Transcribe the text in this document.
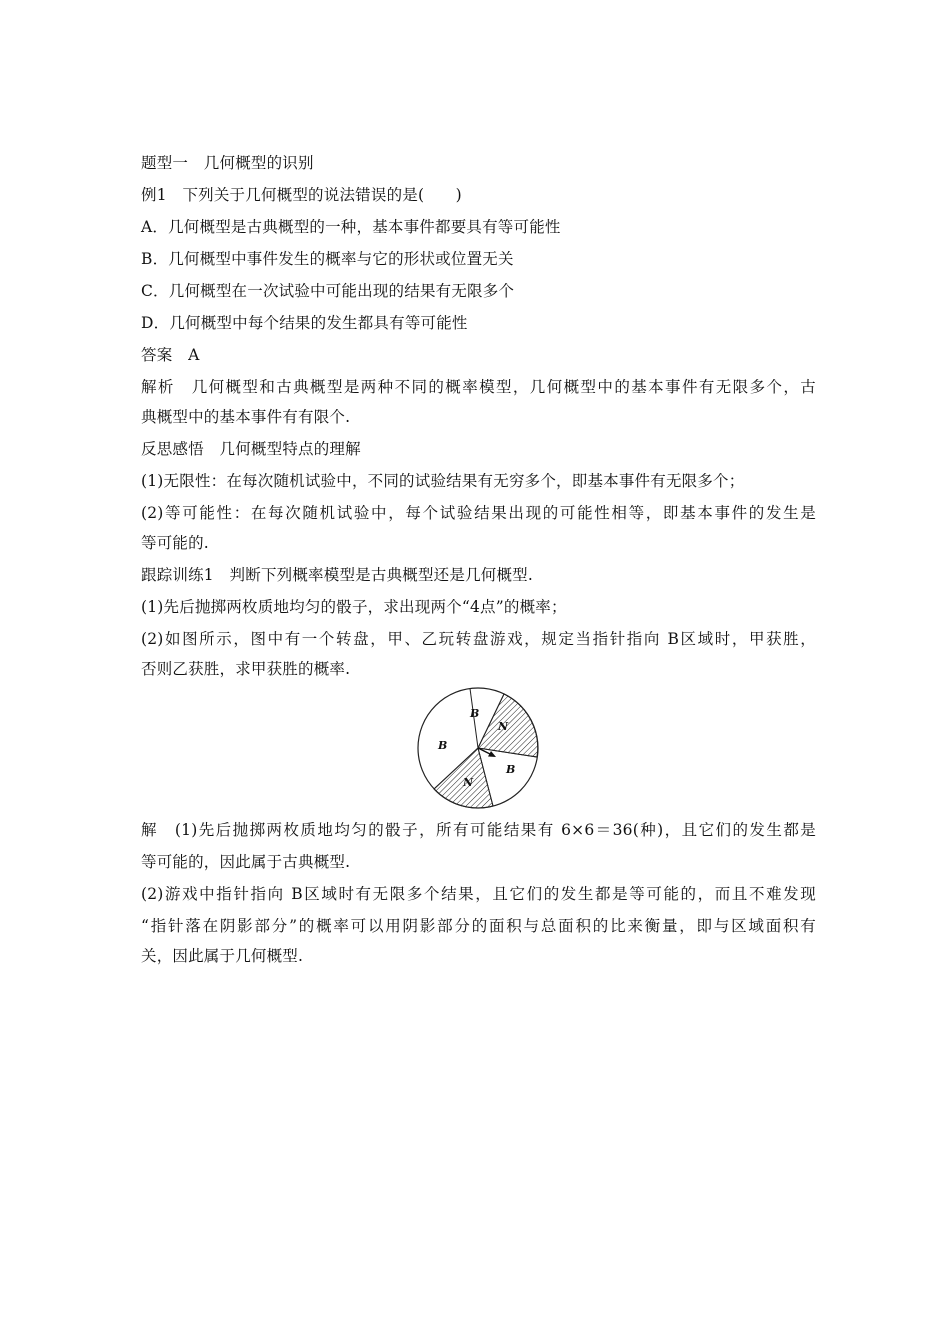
题型一　几何概型的识别
例1　下列关于几何概型的说法错误的是(　　)
A．几何概型是古典概型的一种，基本事件都要具有等可能性
B．几何概型中事件发生的概率与它的形状或位置无关
C．几何概型在一次试验中可能出现的结果有无限多个
D．几何概型中每个结果的发生都具有等可能性
答案　A
解析　几何概型和古典概型是两种不同的概率模型，几何概型中的基本事件有无限多个，古
典概型中的基本事件有有限个.
反思感悟　几何概型特点的理解
(1)无限性：在每次随机试验中，不同的试验结果有无穷多个，即基本事件有无限多个；
(2)等可能性：在每次随机试验中，每个试验结果出现的可能性相等，即基本事件的发生是
等可能的.
跟踪训练1　判断下列概率模型是古典概型还是几何概型.
(1)先后抛掷两枚质地均匀的骰子，求出现两个“4点”的概率；
(2)如图所示，图中有一个转盘，甲、乙玩转盘游戏，规定当指针指向 B区域时，甲获胜，
否则乙获胜，求甲获胜的概率.
B
N
B
B
N
解　(1)先后抛掷两枚质地均匀的骰子，所有可能结果有 6×6＝36(种)，且它们的发生都是
等可能的，因此属于古典概型.
(2)游戏中指针指向 B区域时有无限多个结果，且它们的发生都是等可能的，而且不难发现
“指针落在阴影部分”的概率可以用阴影部分的面积与总面积的比来衡量，即与区域面积有
关，因此属于几何概型.
